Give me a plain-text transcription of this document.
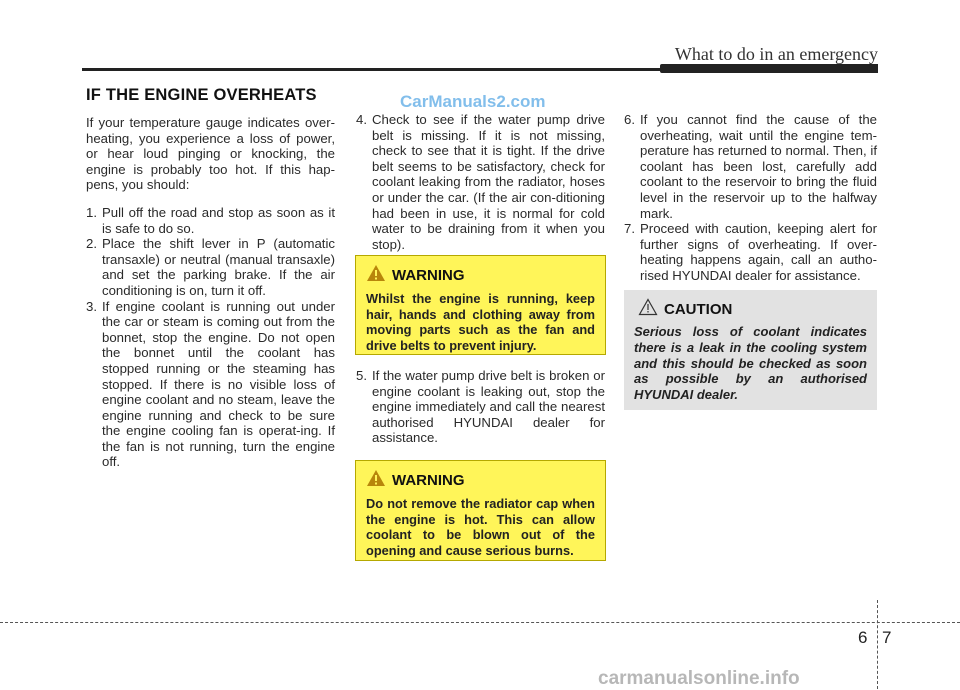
What to do in an emergency
IF THE ENGINE OVERHEATS	CarManuals2.com

If your temperature gauge indicates over-heating, you experience a loss of power, or hear loud pinging or knocking, the engine is probably too hot. If this hap-pens, you should:

1. Pull off the road and stop as soon as it is safe to do so.
2. Place the shift lever in P (automatic transaxle) or neutral (manual transaxle) and set the parking brake. If the air conditioning is on, turn it off.
3. If engine coolant is running out under the car or steam is coming out from the bonnet, stop the engine. Do not open the bonnet until the coolant has stopped running or the steaming has stopped. If there is no visible loss of engine coolant and no steam, leave the engine running and check to be sure the engine cooling fan is operat-ing. If the fan is not running, turn the engine off.
4. Check to see if the water pump drive belt is missing. If it is not missing, check to see that it is tight. If the drive belt seems to be satisfactory, check for coolant leaking from the radiator, hoses or under the car. (If the air con-ditioning had been in use, it is normal for cold water to be draining from it when you stop).
5. If the water pump drive belt is broken or engine coolant is leaking out, stop the engine immediately and call the nearest authorised HYUNDAI dealer for assistance.
WARNING
Whilst the engine is running, keep hair, hands and clothing away from moving parts such as the fan and drive belts to prevent injury.
WARNING
Do not remove the radiator cap when the engine is hot. This can allow coolant to be blown out of the opening and cause serious burns.
6. If you cannot find the cause of the overheating, wait until the engine tem-perature has returned to normal. Then, if coolant has been lost, carefully add coolant to the reservoir to bring the fluid level in the reservoir up to the halfway mark.
7. Proceed with caution, keeping alert for further signs of overheating. If over-heating happens again, call an autho-rised HYUNDAI dealer for assistance.
CAUTION
Serious loss of coolant indicates there is a leak in the cooling system and this should be checked as soon as possible by an authorised HYUNDAI dealer.
6 7
carmanualsonline.info
